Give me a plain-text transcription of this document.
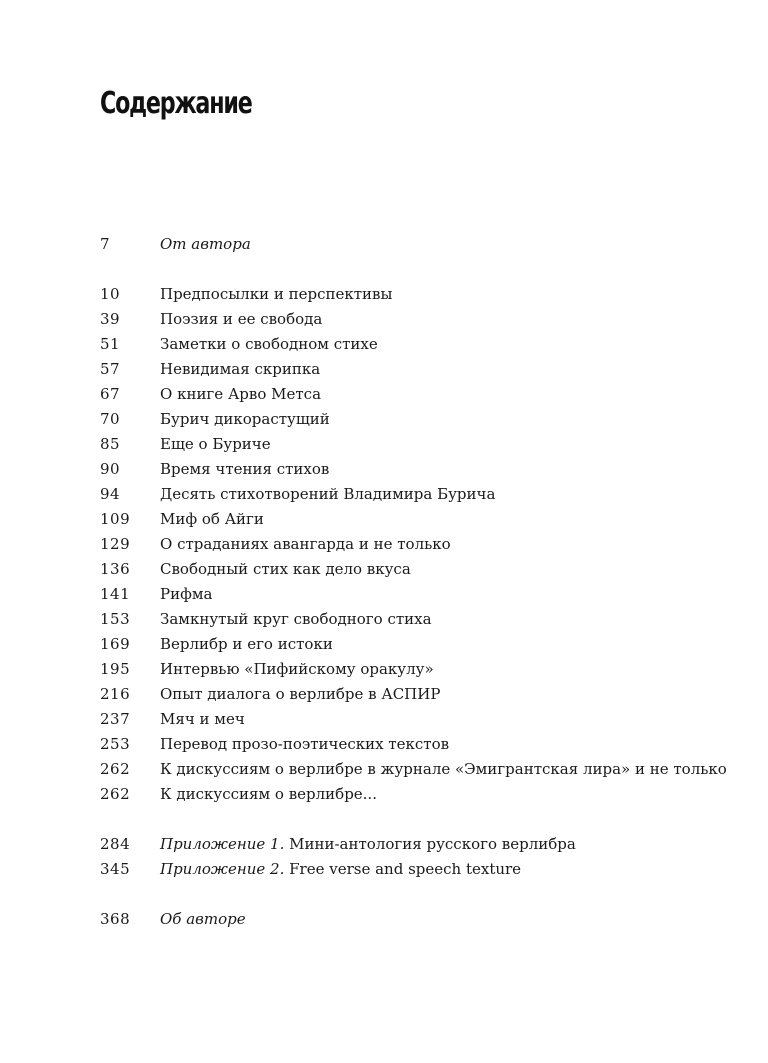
Содержание
7	От автора
10	Предпосылки и перспективы
39	Поэзия и ее свобода
51	Заметки о свободном стихе
57	Невидимая скрипка
67	О книге Арво Метса
70	Бурич дикорастущий
85	Еще о Буриче
90	Время чтения стихов
94	Десять стихотворений Владимира Бурича
109	Миф об Айги
129	О страданиях авангарда и не только
136	Свободный стих как дело вкуса
141	Рифма
153	Замкнутый круг свободного стиха
169	Верлибр и его истоки
195	Интервью «Пифийскому оракулу»
216	Опыт диалога о верлибре в АСПИР
237	Мяч и меч
253	Перевод прозо-поэтических текстов
262	К дискуссиям о верлибре в журнале «Эмигрантская лира» и не только
262	К дискуссиям о верлибре...
284	Приложение 1. Мини-антология русского верлибра
345	Приложение 2. Free verse and speech texture
368	Об авторе
